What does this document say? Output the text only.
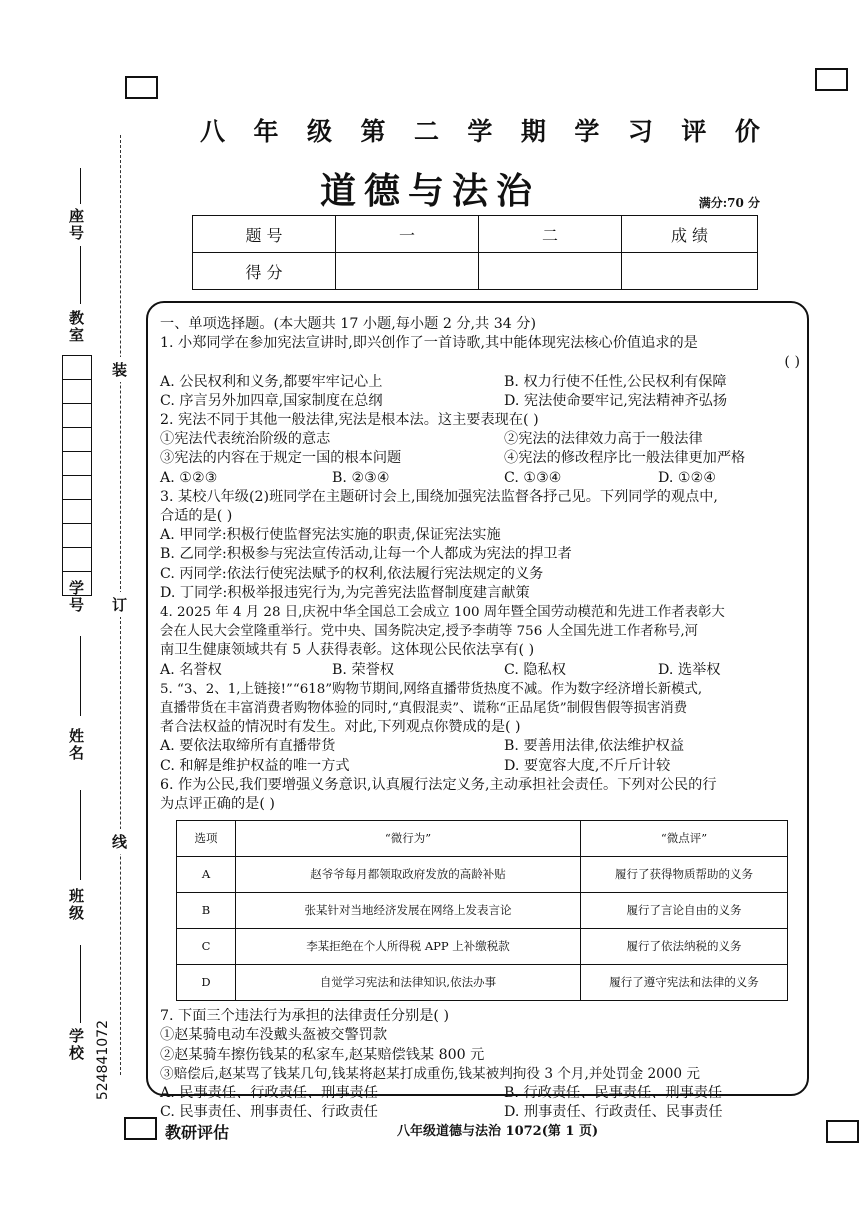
装
订
线
座号
教室
学号
姓名
班级
学校 524841072
八 年 级 第 二 学 期 学 习 评 价
道德与法治	满分:70 分
题 号	一	二	成 绩
得 分			

一、单项选择题。(本大题共 17 小题,每小题 2 分,共 34 分)

1. 小郑同学在参加宪法宣讲时,即兴创作了一首诗歌,其中能体现宪法核心价值追求的是

( )

A. 公民权利和义务,都要牢牢记心上	B. 权力行使不任性,公民权利有保障
C. 序言另外加四章,国家制度在总纲	D. 宪法使命要牢记,宪法精神齐弘扬

2. 宪法不同于其他一般法律,宪法是根本法。这主要表现在( )

①宪法代表统治阶级的意志	②宪法的法律效力高于一般法律
③宪法的内容在于规定一国的根本问题	④宪法的修改程序比一般法律更加严格
A. ①②③	B. ②③④	C. ①③④	D. ①②④

3. 某校八年级(2)班同学在主题研讨会上,围绕加强宪法监督各抒己见。下列同学的观点中,

合适的是( )

A. 甲同学:积极行使监督宪法实施的职责,保证宪法实施

B. 乙同学:积极参与宪法宣传活动,让每一个人都成为宪法的捍卫者

C. 丙同学:依法行使宪法赋予的权利,依法履行宪法规定的义务

D. 丁同学:积极举报违宪行为,为完善宪法监督制度建言献策

4. 2025 年 4 月 28 日,庆祝中华全国总工会成立 100 周年暨全国劳动模范和先进工作者表彰大

会在人民大会堂隆重举行。党中央、国务院决定,授予李萌等 756 人全国先进工作者称号,河

南卫生健康领域共有 5 人获得表彰。这体现公民依法享有( )

A. 名誉权	B. 荣誉权	C. 隐私权	D. 选举权

5. “3、2、1,上链接!”“618”购物节期间,网络直播带货热度不减。作为数字经济增长新模式,

直播带货在丰富消费者购物体验的同时,“真假混卖”、谎称“正品尾货”制假售假等损害消费

者合法权益的情况时有发生。对此,下列观点你赞成的是( )

A. 要依法取缔所有直播带货	B. 要善用法律,依法维护权益
C. 和解是维护权益的唯一方式	D. 要宽容大度,不斤斤计较

6. 作为公民,我们要增强义务意识,认真履行法定义务,主动承担社会责任。下列对公民的行

为点评正确的是( )

选项	“微行为”	“微点评”
A	赵爷爷每月都领取政府发放的高龄补贴	履行了获得物质帮助的义务
B	张某针对当地经济发展在网络上发表言论	履行了言论自由的义务
C	李某拒绝在个人所得税 APP 上补缴税款	履行了依法纳税的义务
D	自觉学习宪法和法律知识,依法办事	履行了遵守宪法和法律的义务

7. 下面三个违法行为承担的法律责任分别是( )

①赵某骑电动车没戴头盔被交警罚款

②赵某骑车擦伤钱某的私家车,赵某赔偿钱某 800 元

③赔偿后,赵某骂了钱某几句,钱某将赵某打成重伤,钱某被判拘役 3 个月,并处罚金 2000 元

A. 民事责任、行政责任、刑事责任	B. 行政责任、民事责任、刑事责任
C. 民事责任、刑事责任、行政责任	D. 刑事责任、行政责任、民事责任
教研评估	八年级道德与法治 1072(第 1 页)
